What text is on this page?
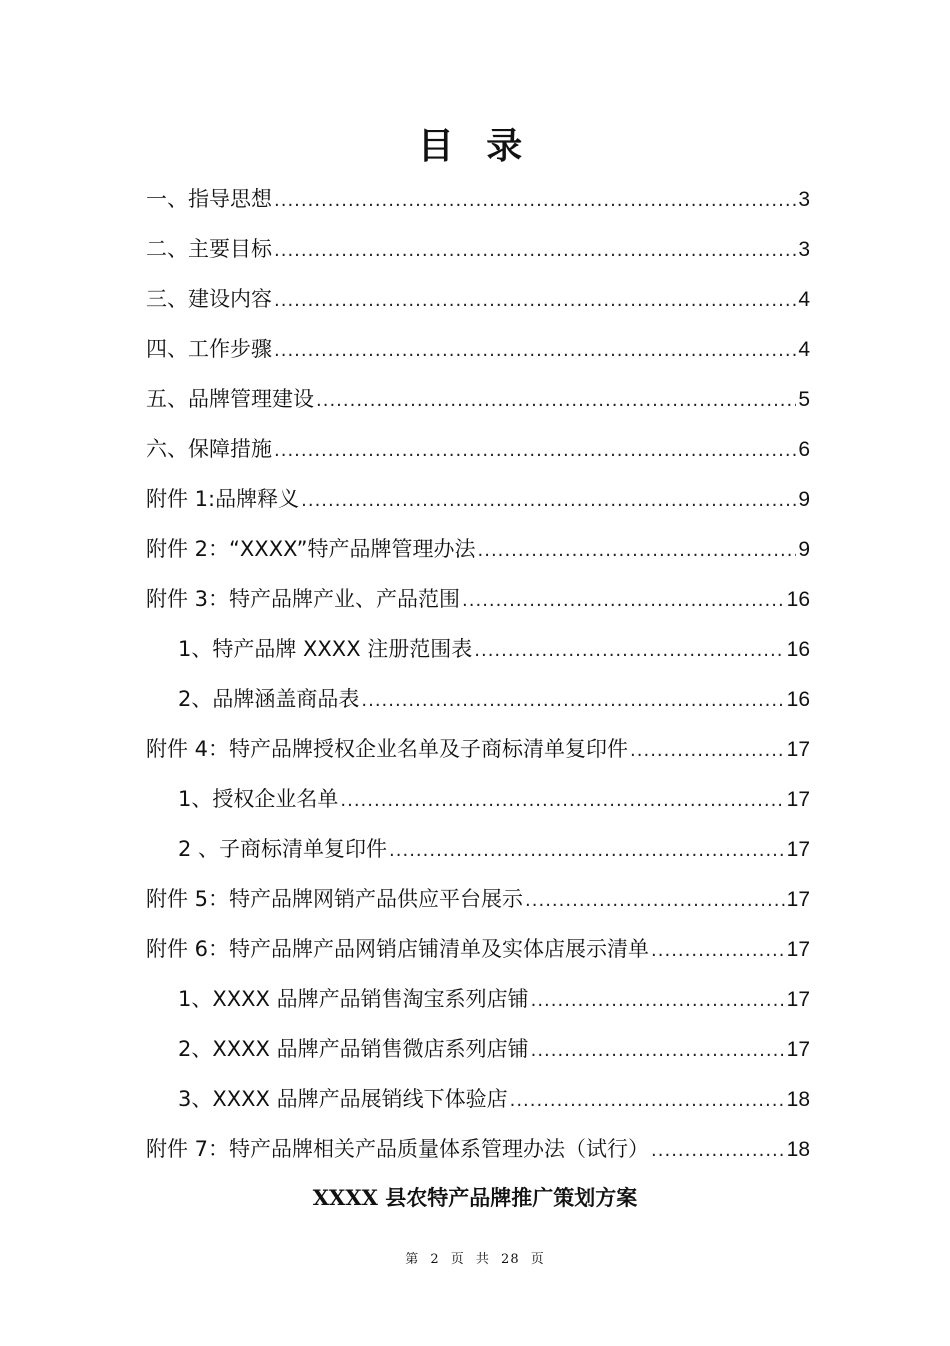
目 录
一、指导思想 .....	3
二、主要目标 .....	3
三、建设内容 .....	4
四、工作步骤 .....	4
五、品牌管理建设 .....	5
六、保障措施 .....	6
附件 1:品牌释义 .....	9
附件 2：“XXXX”特产品牌管理办法 .....	9
附件 3：特产品牌产业、产品范围 .....	16
1、特产品牌 XXXX 注册范围表 .....	16
2、品牌涵盖商品表 .....	16
附件 4：特产品牌授权企业名单及子商标清单复印件 .....	17
1、授权企业名单 .....	17
2 、子商标清单复印件 .....	17
附件 5：特产品牌网销产品供应平台展示 .....	17
附件 6：特产品牌产品网销店铺清单及实体店展示清单 .....	17
1、XXXX 品牌产品销售淘宝系列店铺 .....	17
2、XXXX 品牌产品销售微店系列店铺 .....	17
3、XXXX 品牌产品展销线下体验店 .....	18
附件 7：特产品牌相关产品质量体系管理办法（试行） .....	18
XXXX 县农特产品牌推广策划方案
第 2 页 共 28 页
